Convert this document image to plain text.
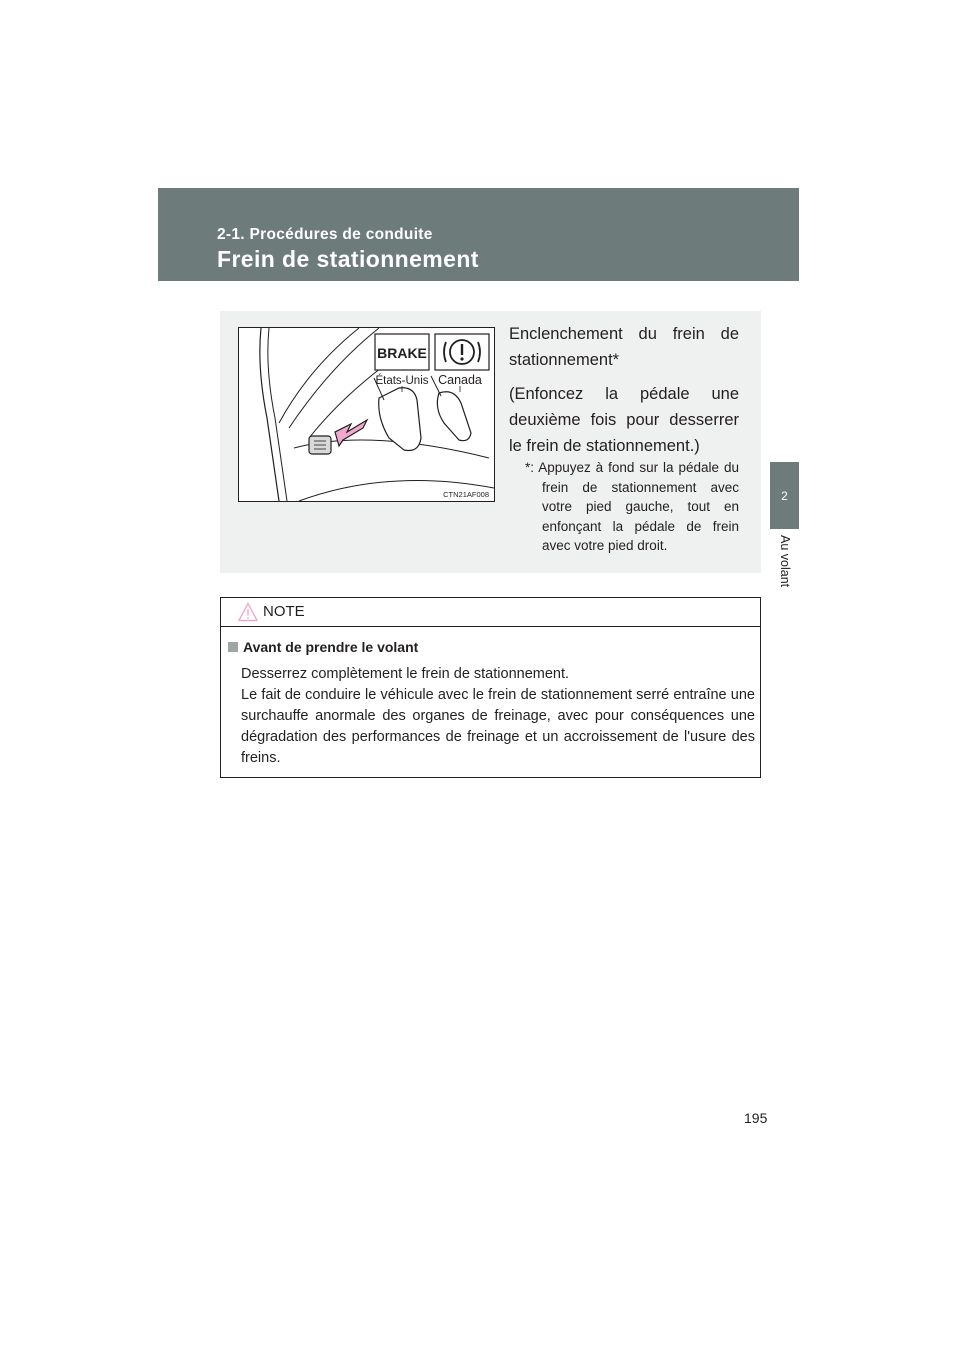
2-1. Procédures de conduite
Frein de stationnement
2
Au volant
BRAKE
États-Unis Canada
CTN21AF008

Enclenchement du frein de stationnement*

(Enfoncez la pédale une deuxième fois pour desserrer le frein de stationnement.)

*: Appuyez à fond sur la pédale du frein de stationnement avec votre pied gauche, tout en enfonçant la pédale de frein avec votre pied droit.
NOTE
Avant de prendre le volant

Desserrez complètement le frein de stationnement.

Le fait de conduire le véhicule avec le frein de stationnement serré entraîne une surchauffe anormale des organes de freinage, avec pour conséquences une dégradation des performances de freinage et un accroissement de l'usure des freins.

195
